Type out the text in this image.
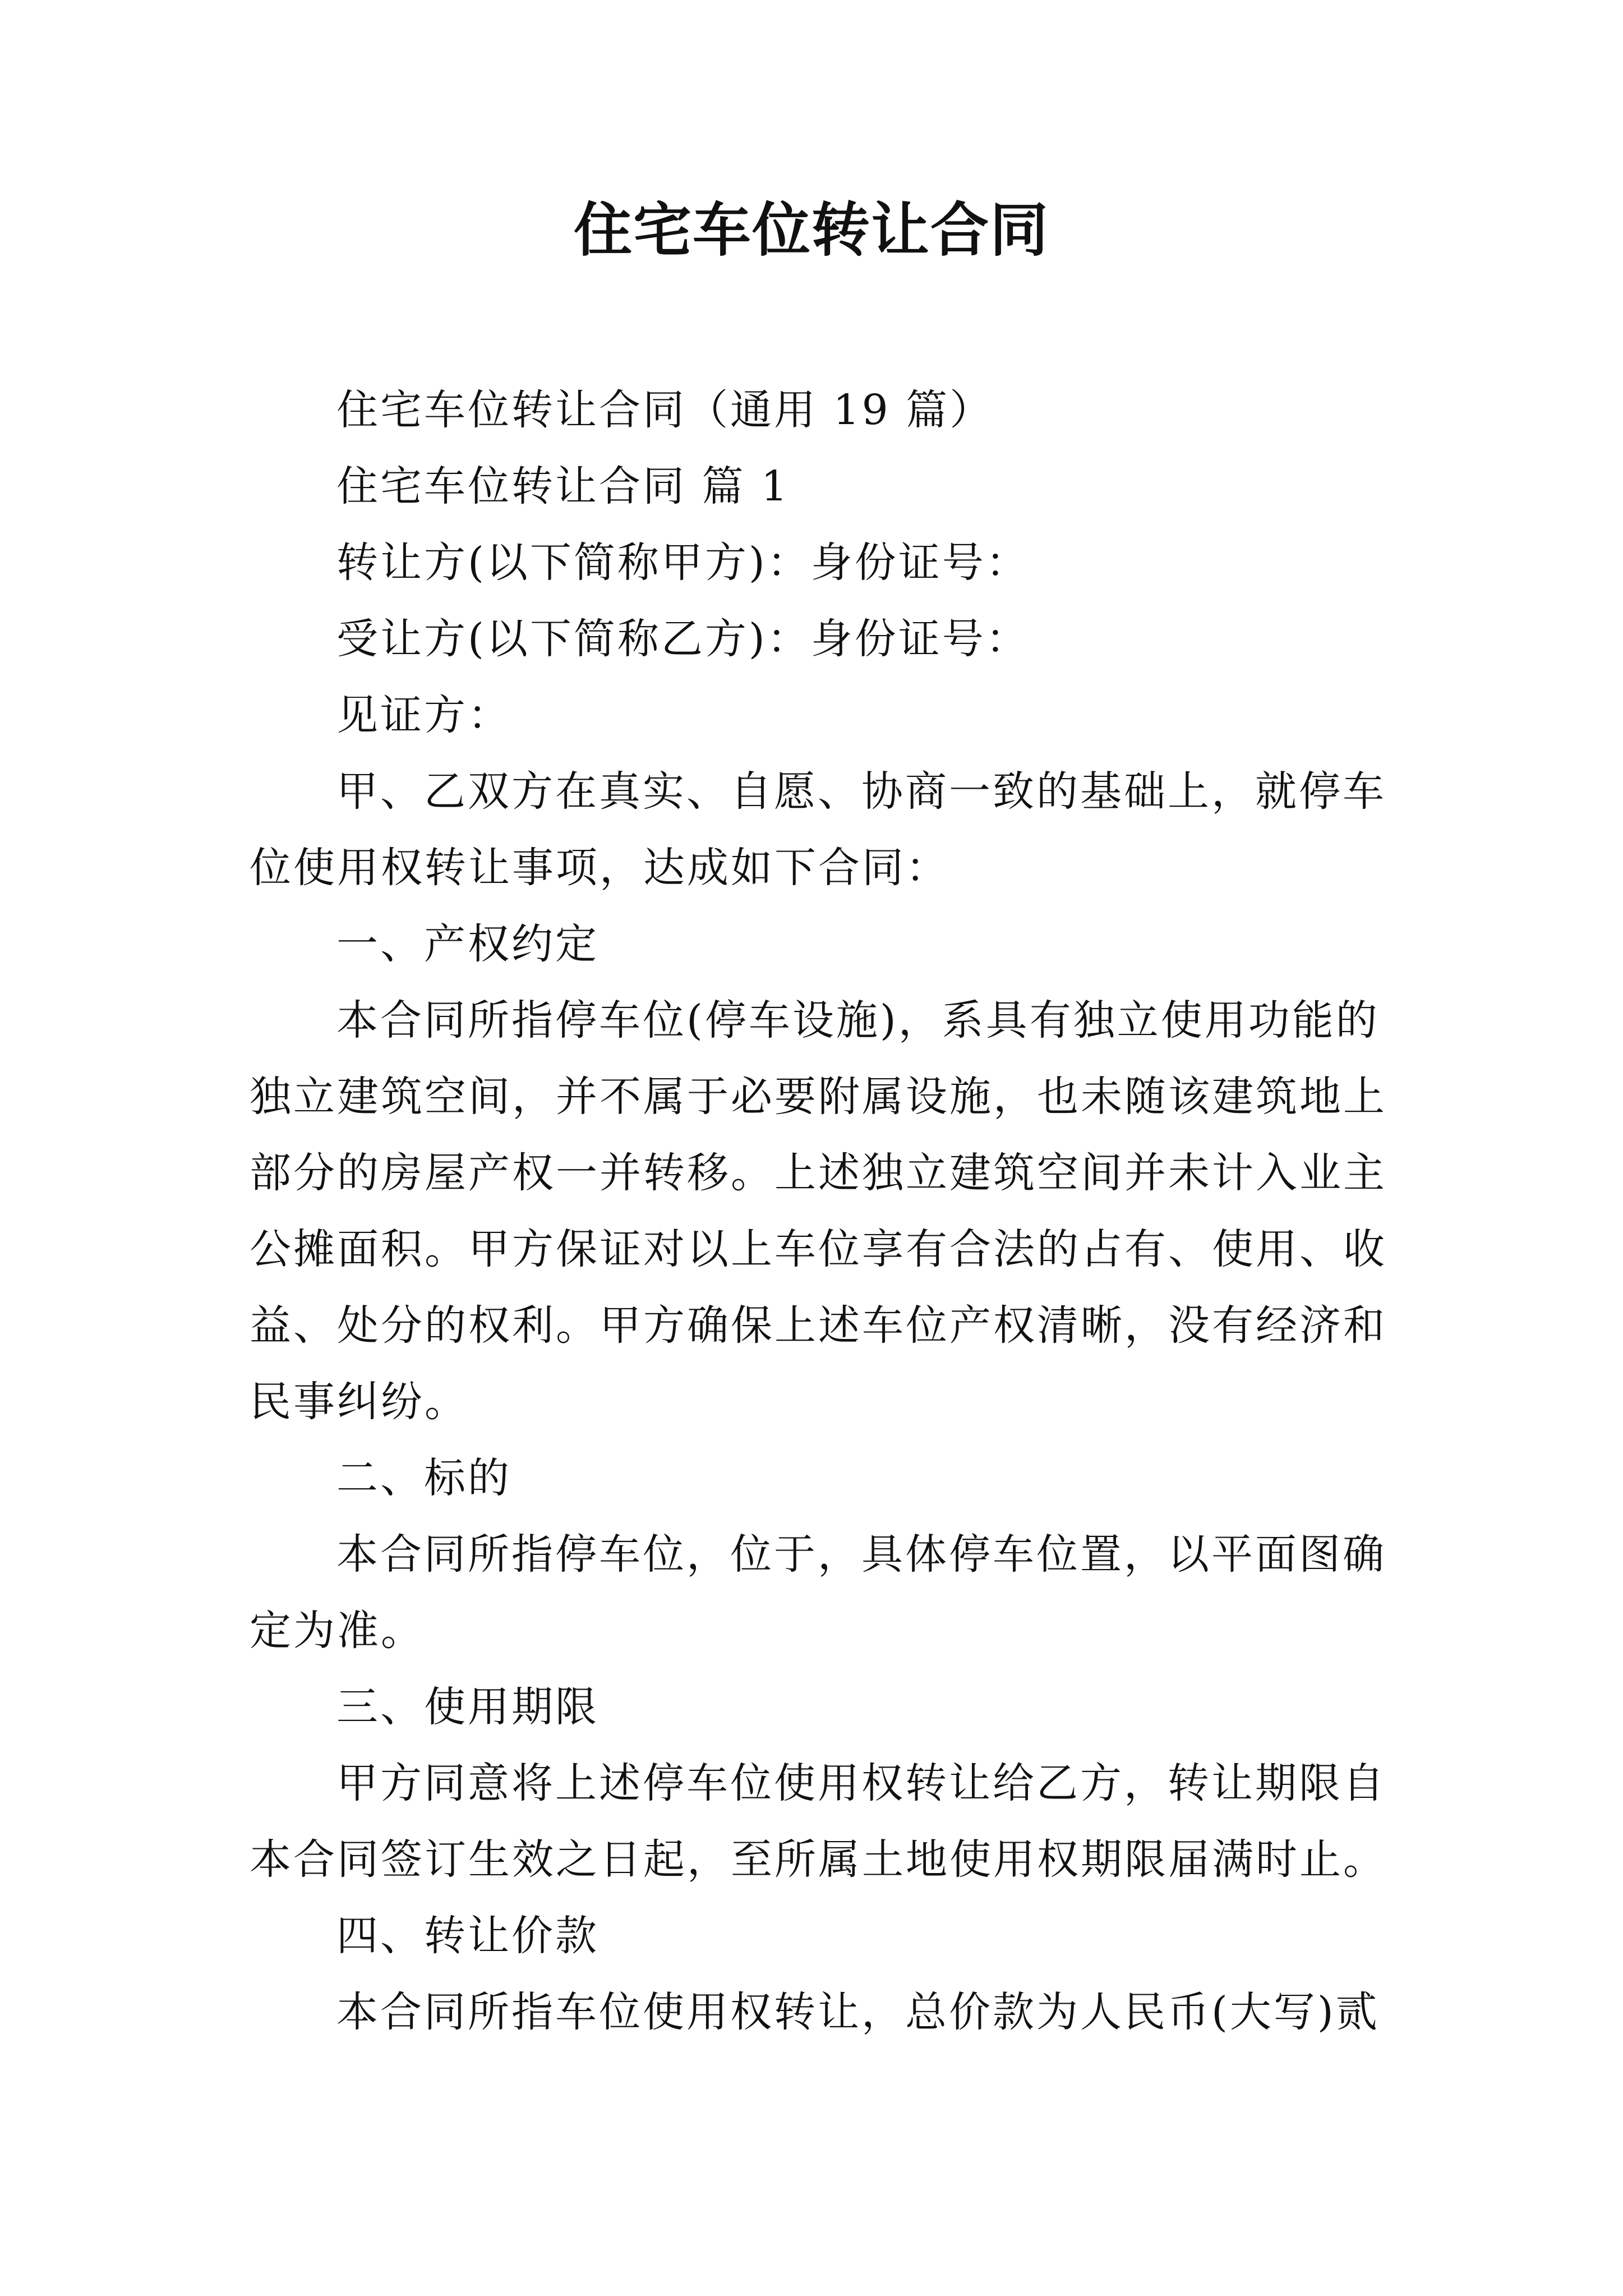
住宅车位转让合同
住宅车位转让合同（通用 19 篇）
住宅车位转让合同 篇 1
转让方(以下简称甲方)：身份证号：
受让方(以下简称乙方)：身份证号：
见证方：
甲、乙双方在真实、自愿、协商一致的基础上，就停车
位使用权转让事项，达成如下合同：
一、产权约定
本合同所指停车位(停车设施)，系具有独立使用功能的
独立建筑空间，并不属于必要附属设施，也未随该建筑地上
部分的房屋产权一并转移。上述独立建筑空间并未计入业主
公摊面积。甲方保证对以上车位享有合法的占有、使用、收
益、处分的权利。甲方确保上述车位产权清晰，没有经济和
民事纠纷。
二、标的
本合同所指停车位，位于，具体停车位置，以平面图确
定为准。
三、使用期限
甲方同意将上述停车位使用权转让给乙方，转让期限自
本合同签订生效之日起，至所属土地使用权期限届满时止。
四、转让价款
本合同所指车位使用权转让，总价款为人民币(大写)贰
